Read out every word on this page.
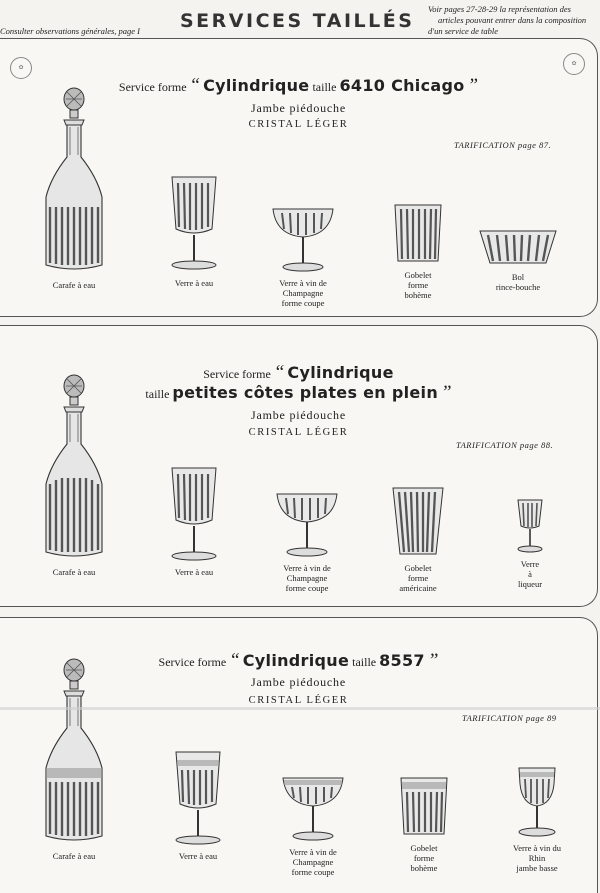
Consulter observations générales, page I SERVICES TAILLÉS
Voir pages 27-28-29 la représentation des
articles pouvant entrer dans la composition
d'un service de table
✿
✿
Service forme “ Cylindrique taille 6410 Chicago ”
Jambe piédouche
CRISTAL LÉGER
TARIFICATION page 87.
Carafe à eau	Verre à eau	Verre à vin de
Champagne
forme coupe
Gobelet
forme
bohème
Bol
rince-bouche
Service forme “ Cylindrique
taille petites côtes plates en plein ”
Jambe piédouche
CRISTAL LÉGER
TARIFICATION page 88.
Carafe à eau	Verre à eau	Verre à vin de
Champagne
forme coupe
Gobelet
forme
américaine
Verre
à
liqueur
Service forme “ Cylindrique taille 8557 ”
Jambe piédouche
CRISTAL LÉGER
TARIFICATION page 89
Carafe à eau	Verre à eau	Verre à vin de
Champagne
forme coupe
Gobelet
forme
bohème
Verre à vin du
Rhin
jambe basse
